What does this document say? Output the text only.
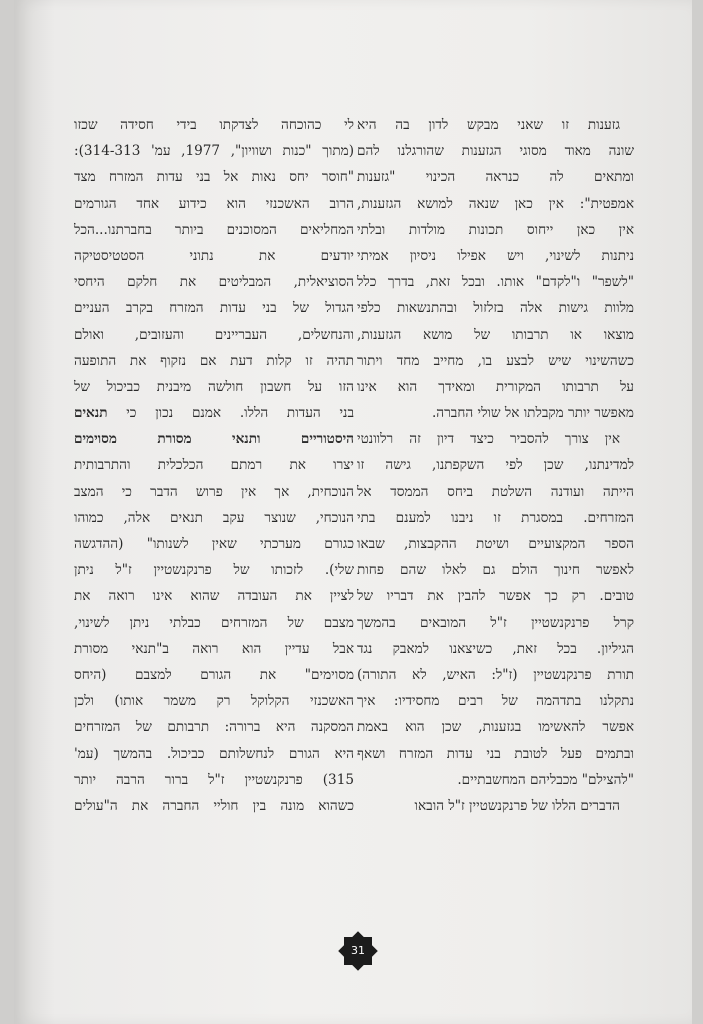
גזענות זו שאני מבקש לדון בה היא
שונה מאוד מסוגי הגזענות שהורגלנו להם
ומתאים לה כנראה הכינוי "גזענות
אמפטית": אין כאן שנאה למושא הגזענות,
אין כאן ייחוס תכונות מולדות ובלתי
ניתנות לשינוי, ויש אפילו ניסיון אמיתי
"לשפר" ו"לקדם" אותו. ובכל זאת, בדרך כלל
מלוות גישות אלה בזלזול ובהתנשאות כלפי
מוצאו או תרבותו של מושא הגזענות,
כשהשינוי שיש לבצע בו, מחייב מחד ויתור
על תרבותו המקורית ומאידך הוא אינו
מאפשר יותר מקבלתו אל שולי החברה.
אין צורך להסביר כיצד דיון זה רלוונטי
למדינתנו, שכן לפי השקפתנו, גישה זו
הייתה ועודנה השלטת ביחס הממסד אל
המזרחים. במסגרת זו ניבנו למענם בתי
הספר המקצועיים ושיטת ההקבצות, שבאו
לאפשר חינוך הולם גם לאלו שהם פחות
טובים. רק כך אפשר להבין את דבריו של
קרל פרנקנשטיין ז"ל המובאים בהמשך
הגיליון. בכל זאת, כשיצאנו למאבק נגד
תורת פרנקנשטיין (ז"ל: האיש, לא התורה)
נתקלנו בתדהמה של רבים מחסידיו: איך
אפשר להאשימו בגזענות, שכן הוא באמת
ובתמים פעל לטובת בני עדות המזרח ושאף
"להצילם" מכבליהם המחשבתיים.
הדברים הללו של פרנקנשטיין ז"ל הובאו
לי כהוכחה לצדקתו בידי חסידה שכזו
(מתוך "כנות ושוויון", 1977, עמ' 314-313):
"חוסר יחס נאות אל בני עדות המזרח מצד
הרוב האשכנזי הוא כידוע אחד הגורמים
המחליאים המסוכנים ביותר בחברתנו...הכל
יודעים את נתוני הסטטיסטיקה
הסוציאלית, המבליטים את חלקם היחסי
הגדול של בני עדות המזרח בקרב העניים
והנחשלים, העבריינים והעזובים, ואולם
תהיה זו קלות דעת אם נזקוף את התופעה
הזו על חשבון חולשה מיבנית כביכול של
בני העדות הללו. אמנם נכון כי תנאים
היסטוריים ותנאי מסורת מסוימים
יצרו את רמתם הכלכלית והתרבותית
הנוכחית, אך אין פרוש הדבר כי המצב
הנוכחי, שנוצר עקב תנאים אלה, כמוהו
כגורם מערכתי שאין לשנותו" (ההדגשה
שלי). לזכותו של פרנקנשטיין ז"ל ניתן
לציין את העובדה שהוא אינו רואה את
מצבם של המזרחים כבלתי ניתן לשינוי,
אבל עדיין הוא רואה ב"תנאי מסורת
מסוימים" את הגורם למצבם (היחס
האשכנזי הקלוקל רק משמר אותו) ולכן
המסקנה היא ברורה: תרבותם של המזרחים
היא הגורם לנחשלותם כביכול. בהמשך (עמ'
315) פרנקנשטיין ז"ל ברור הרבה יותר
כשהוא מונה בין חוליי החברה את ה"עולים
31
